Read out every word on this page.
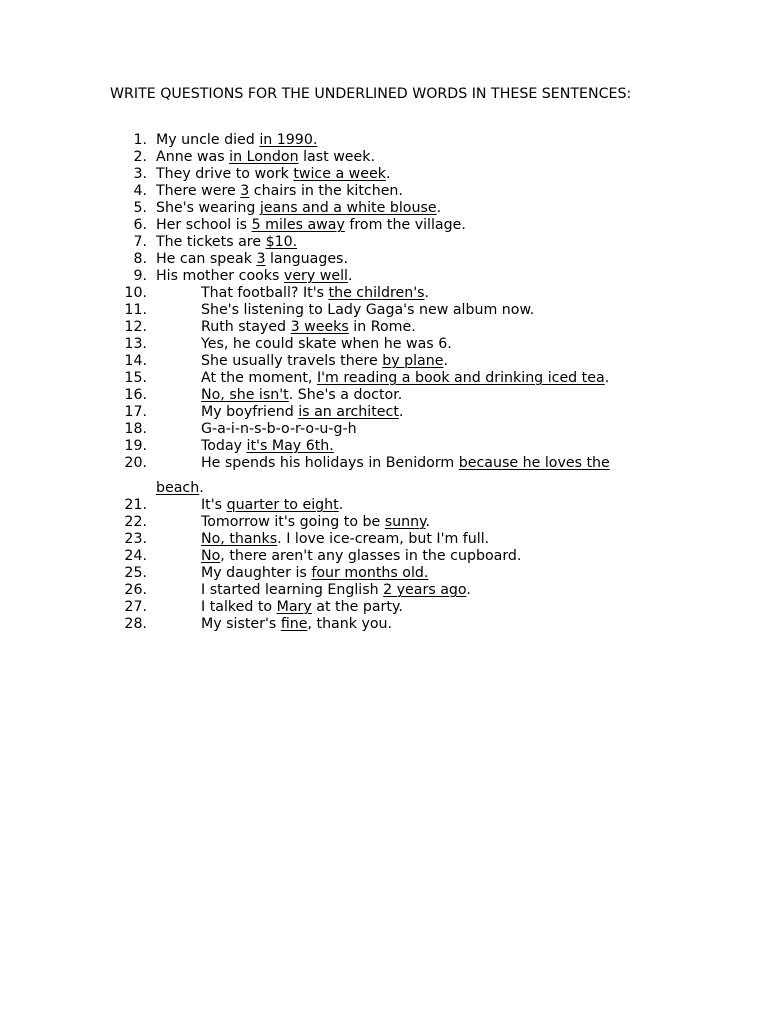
WRITE QUESTIONS FOR THE UNDERLINED WORDS IN THESE SENTENCES:
1. My uncle died in 1990.
2. Anne was in London last week.
3. They drive to work twice a week.
4. There were 3 chairs in the kitchen.
5. She's wearing jeans and a white blouse.
6. Her school is 5 miles away from the village.
7. The tickets are $10.
8. He can speak 3 languages.
9. His mother cooks very well.
10.	That football? It's the children's.
11.	She's listening to Lady Gaga's new album now.
12.	Ruth stayed 3 weeks in Rome.
13.	Yes, he could skate when he was 6.
14.	She usually travels there by plane.
15.	At the moment, I'm reading a book and drinking iced tea.
16.	No, she isn't. She's a doctor.
17.	My boyfriend is an architect.
18.	G-a-i-n-s-b-o-r-o-u-g-h
19.	Today it's May 6th.
20.	He spends his holidays in Benidorm because he loves the
beach.
21.	It's quarter to eight.
22.	Tomorrow it's going to be sunny.
23.	No, thanks. I love ice-cream, but I'm full.
24.	No, there aren't any glasses in the cupboard.
25.	My daughter is four months old.
26.	I started learning English 2 years ago.
27.	I talked to Mary at the party.
28.	My sister's fine, thank you.
